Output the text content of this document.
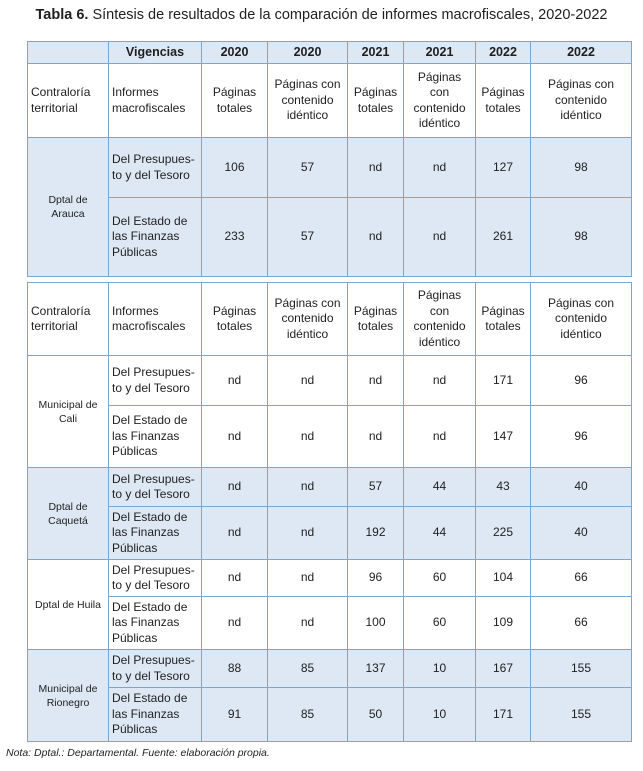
Tabla 6. Síntesis de resultados de la comparación de informes macrofiscales, 2020-2022
	Vigencias	2020	2020	2021	2021	2022	2022
Contraloría territorial	Informes macrofiscales	Páginas totales	Páginas con contenido idéntico	Páginas totales	Páginas con contenido idéntico	Páginas totales	Páginas con contenido idéntico
Dptal de Arauca	Del Presupues-to y del Tesoro	106	57	nd	nd	127	98
	Del Estado de las Finanzas Públicas	233	57	nd	nd	261	98
Contraloría territorial	Informes macrofiscales	Páginas totales	Páginas con contenido idéntico	Páginas totales	Páginas con contenido idéntico	Páginas totales	Páginas con contenido idéntico
Municipal de Cali	Del Presupues-to y del Tesoro	nd	nd	nd	nd	171	96
	Del Estado de las Finanzas Públicas	nd	nd	nd	nd	147	96
Dptal de Caquetá	Del Presupues-to y del Tesoro	nd	nd	57	44	43	40
	Del Estado de las Finanzas Públicas	nd	nd	192	44	225	40
Dptal de Huila	Del Presupues-to y del Tesoro	nd	nd	96	60	104	66
	Del Estado de las Finanzas Públicas	nd	nd	100	60	109	66
Municipal de Rionegro	Del Presupues-to y del Tesoro	88	85	137	10	167	155
	Del Estado de las Finanzas Públicas	91	85	50	10	171	155
Nota: Dptal.: Departamental. Fuente: elaboración propia.
